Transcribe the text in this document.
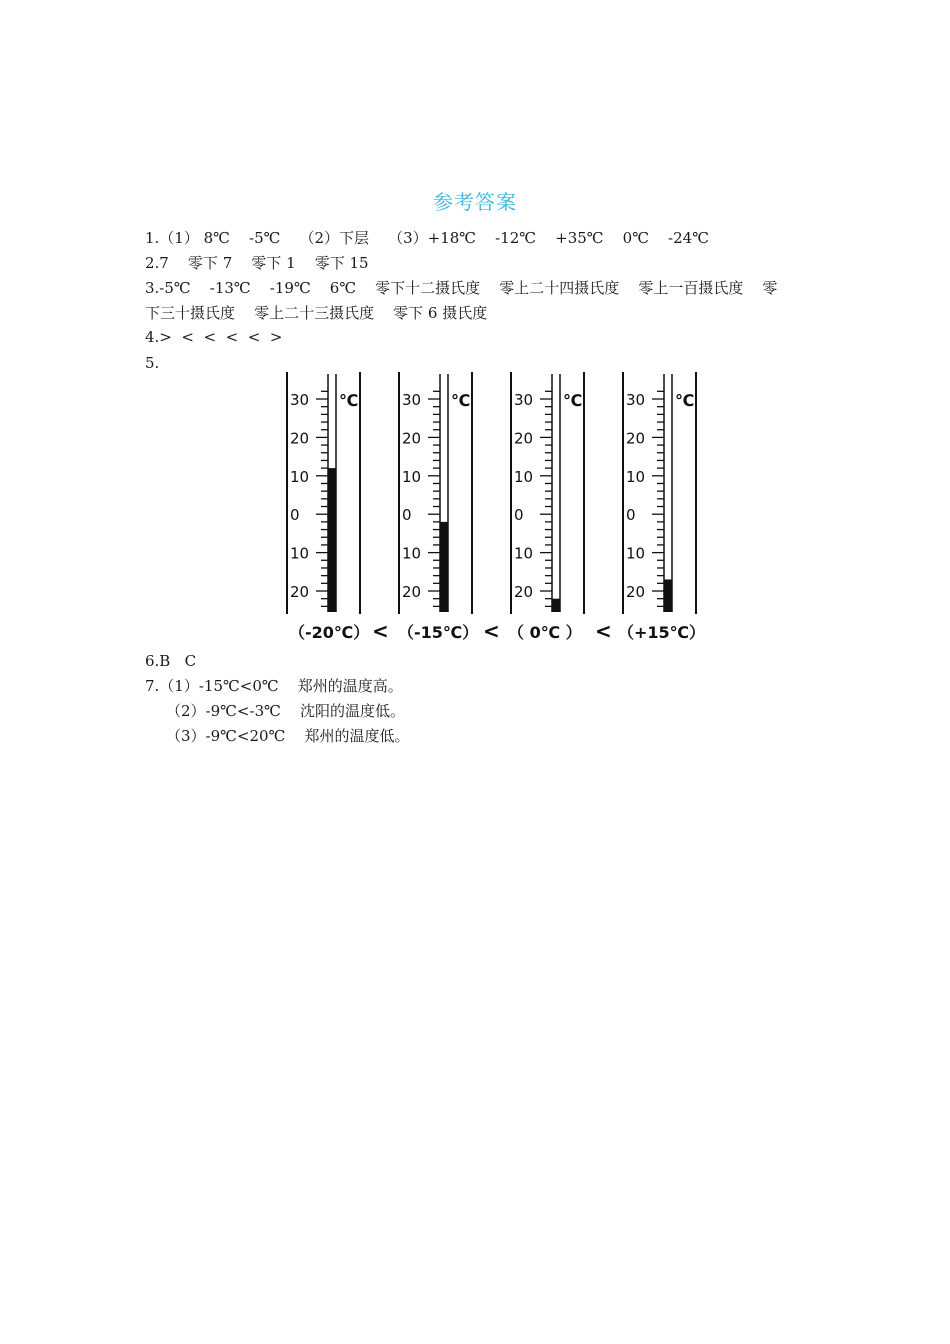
参考答案
1.（1） 8℃    -5℃    （2）下层    （3）+18℃    -12℃    +35℃    0℃    -24℃
2.7    零下 7    零下 1    零下 15
3.-5℃    -13℃    -19℃    6℃    零下十二摄氏度    零上二十四摄氏度    零上一百摄氏度    零
下三十摄氏度    零上二十三摄氏度    零下 6 摄氏度
4.>  <  <  <  <  >
5.
30
20
10
0
10
20
℃	30
20
10
0
10
20
℃	30
20
10
0
10
20
℃	30
20
10
0
10
20
℃
（-20℃） < （-15℃） < （ 0℃ ） < （+15℃）
6.B   C
7.（1）-15℃<0℃    郑州的温度高。
（2）-9℃<-3℃    沈阳的温度低。
（3）-9℃<20℃    郑州的温度低。
